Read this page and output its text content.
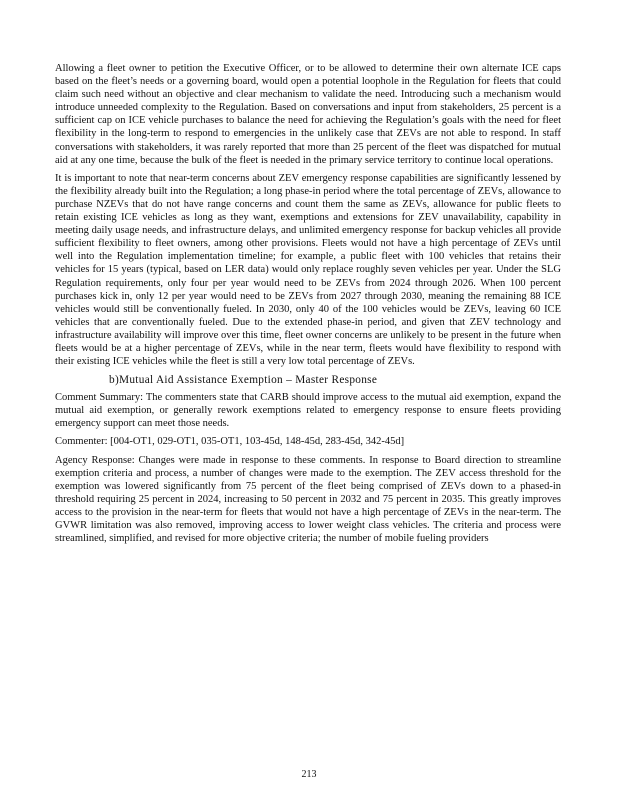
Allowing a fleet owner to petition the Executive Officer, or to be allowed to determine their own alternate ICE caps based on the fleet’s needs or a governing board, would open a potential loophole in the Regulation for fleets that could claim such need without an objective and clear mechanism to validate the need. Introducing such a mechanism would introduce unneeded complexity to the Regulation. Based on conversations and input from stakeholders, 25 percent is a sufficient cap on ICE vehicle purchases to balance the need for achieving the Regulation’s goals with the need for fleet flexibility in the long-term to respond to emergencies in the unlikely case that ZEVs are not able to respond. In staff conversations with stakeholders, it was rarely reported that more than 25 percent of the fleet was dispatched for mutual aid at any one time, because the bulk of the fleet is needed in the primary service territory to continue local operations.

It is important to note that near-term concerns about ZEV emergency response capabilities are significantly lessened by the flexibility already built into the Regulation; a long phase-in period where the total percentage of ZEVs, allowance to purchase NZEVs that do not have range concerns and count them the same as ZEVs, allowance for public fleets to retain existing ICE vehicles as long as they want, exemptions and extensions for ZEV unavailability, capability in meeting daily usage needs, and infrastructure delays, and unlimited emergency response for backup vehicles all provide sufficient flexibility to fleet owners, among other provisions. Fleets would not have a high percentage of ZEVs until well into the Regulation implementation timeline; for example, a public fleet with 100 vehicles that retains their vehicles for 15 years (typical, based on LER data) would only replace roughly seven vehicles per year. Under the SLG Regulation requirements, only four per year would need to be ZEVs from 2024 through 2026. When 100 percent purchases kick in, only 12 per year would need to be ZEVs from 2027 through 2030, meaning the remaining 88 ICE vehicles would still be conventionally fueled. In 2030, only 40 of the 100 vehicles would be ZEVs, leaving 60 ICE vehicles that are conventionally fueled. Due to the extended phase-in period, and given that ZEV technology and infrastructure availability will improve over this time, fleet owner concerns are unlikely to be present in the future when fleets would be at a higher percentage of ZEVs, while in the near term, fleets would have flexibility to respond with their existing ICE vehicles while the fleet is still a very low total percentage of ZEVs.

b)Mutual Aid Assistance Exemption – Master Response

Comment Summary: The commenters state that CARB should improve access to the mutual aid exemption, expand the mutual aid exemption, or generally rework exemptions related to emergency response to ensure fleets providing emergency support can meet those needs.

Commenter: [004-OT1, 029-OT1, 035-OT1, 103-45d, 148-45d, 283-45d, 342-45d]

Agency Response: Changes were made in response to these comments. In response to Board direction to streamline exemption criteria and process, a number of changes were made to the exemption. The ZEV access threshold for the exemption was lowered significantly from 75 percent of the fleet being comprised of ZEVs down to a phased-in threshold requiring 25 percent in 2024, increasing to 50 percent in 2032 and 75 percent in 2035. This greatly improves access to the provision in the near-term for fleets that would not have a high percentage of ZEVs in the near-term. The GVWR limitation was also removed, improving access to lower weight class vehicles. The criteria and process were streamlined, simplified, and revised for more objective criteria; the number of mobile fueling providers

213
